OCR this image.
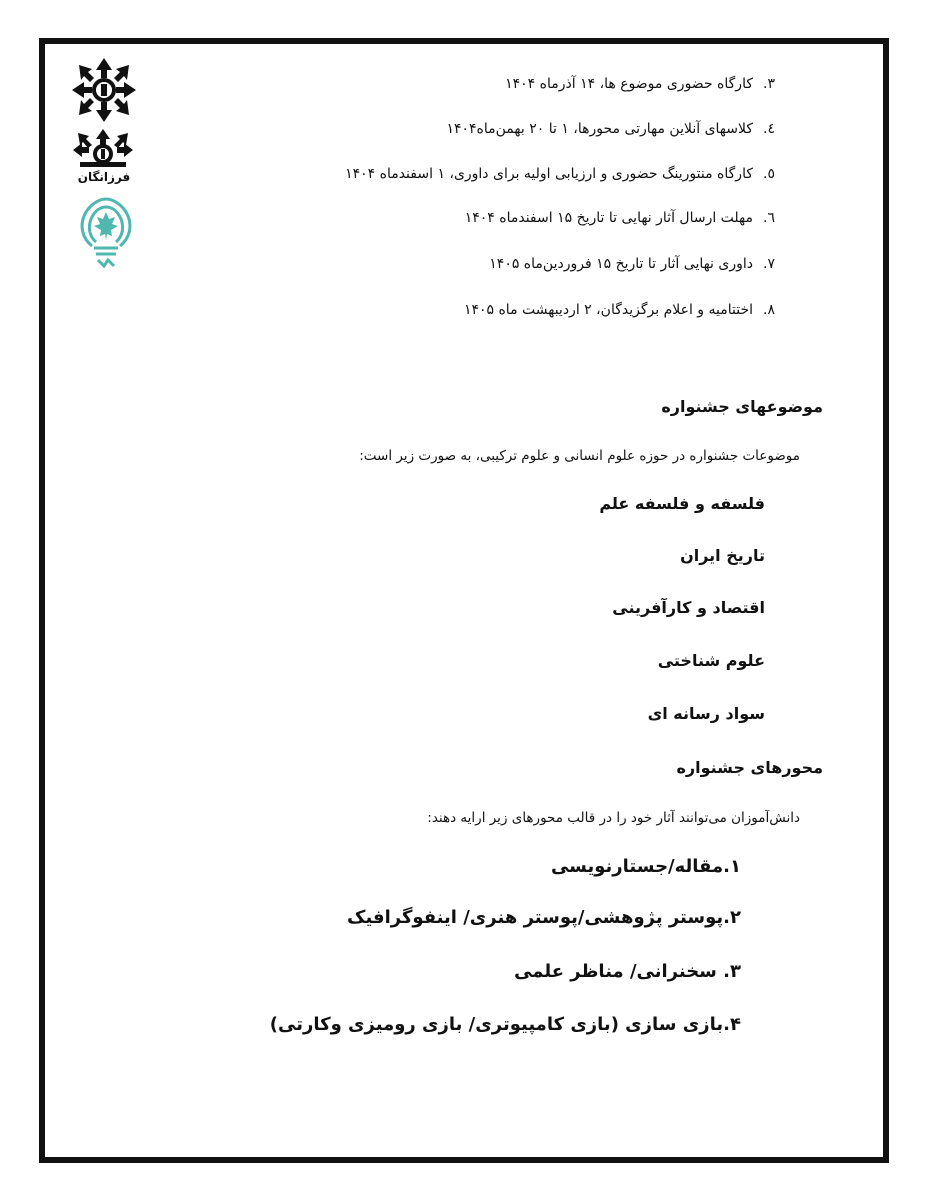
فرزانگان
۳.کارگاه حضوری موضوع ها، ۱۴ آذرماه ۱۴۰۴
٤.کلاسهای آنلاین مهارتی محورها، ۱ تا ۲۰ بهمن‌ماه۱۴۰۴
٥.کارگاه منتورینگ حضوری و ارزیابی اولیه برای داوری، ۱ اسفندماه ۱۴۰۴
٦.مهلت ارسال آثار نهایی تا تاریخ ۱۵ اسفندماه ۱۴۰۴
۷.داوری نهایی آثار تا تاریخ ۱۵ فروردین‌ماه ۱۴۰۵
۸.اختتامیه و اعلام برگزیدگان، ۲ اردیبهشت ماه ۱۴۰۵
موضوعهای جشنواره
موضوعات جشنواره در حوزه علوم انسانی و علوم ترکیبی، به صورت زیر است:
فلسفه و فلسفه علم
تاریخ ایران
اقتصاد و کارآفرینی
علوم شناختی
سواد رسانه ای
محورهای جشنواره
دانش‌آموزان می‌توانند آثار خود را در قالب محورهای زیر ارایه دهند:
۱.مقاله/جستارنویسی
۲.پوستر پژوهشی/پوستر هنری/ اینفوگرافیک
۳. سخنرانی/ مناظر علمی
۴.بازی سازی (بازی کامپیوتری/ بازی رومیزی وکارتی)
